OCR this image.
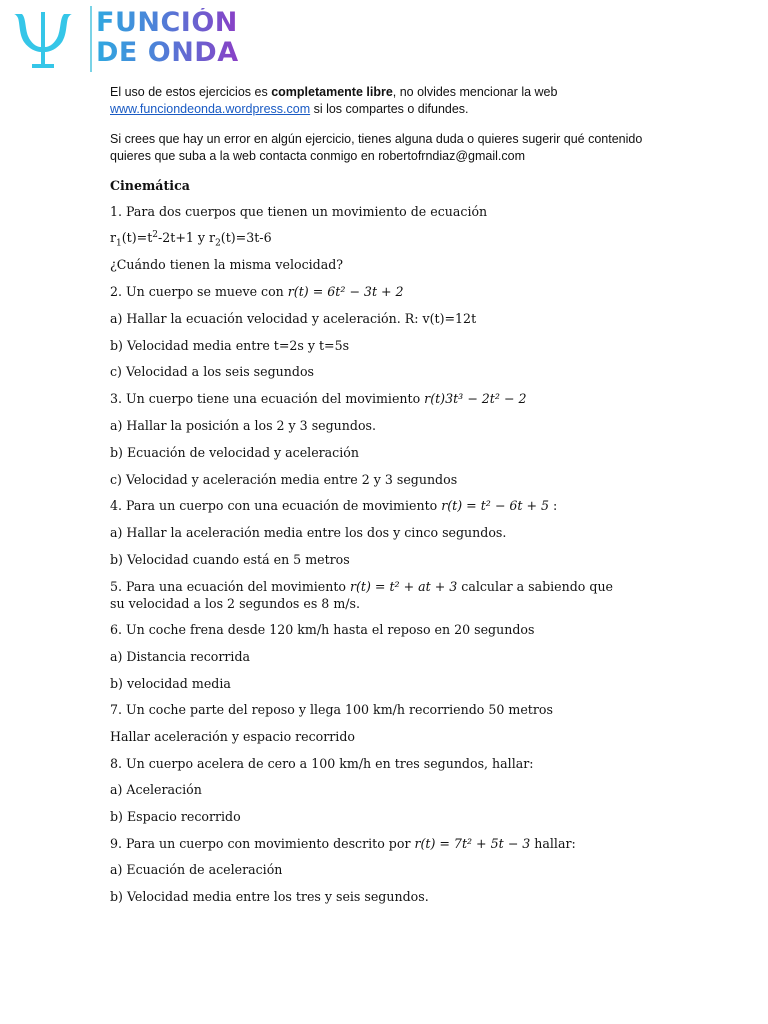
FUNCIÓN
DE ONDA

El uso de estos ejercicios es completamente libre, no olvides mencionar la web
www.funciondeonda.wordpress.com si los compartes o difundes.

Si crees que hay un error en algún ejercicio, tienes alguna duda o quieres sugerir qué contenido quieres que suba a la web contacta conmigo en robertofrndiaz@gmail.com

Cinemática
1. Para dos cuerpos que tienen un movimiento de ecuación
$r_1(t)=t^2-2t+1$ y $r_2(t)=3t-6$
¿Cuándo tienen la misma velocidad?
2. Un cuerpo se mueve con r(t) = 6t² − 3t + 2
a) Hallar la ecuación velocidad y aceleración. R: v(t)=12t
b) Velocidad media entre t=2s y t=5s
c) Velocidad a los seis segundos
3. Un cuerpo tiene una ecuación del movimiento r(t)3t³ − 2t² − 2
a) Hallar la posición a los 2 y 3 segundos.
b) Ecuación de velocidad y aceleración
c) Velocidad y aceleración media entre 2 y 3 segundos
4. Para un cuerpo con una ecuación de movimiento r(t) = t² − 6t + 5 :
a) Hallar la aceleración media entre los dos y cinco segundos.
b) Velocidad cuando está en 5 metros
5. Para una ecuación del movimiento r(t) = t² + at + 3 calcular a sabiendo que su velocidad a los 2 segundos es 8 m/s.
6. Un coche frena desde 120 km/h hasta el reposo en 20 segundos
a) Distancia recorrida
b) velocidad media
7. Un coche parte del reposo y llega 100 km/h recorriendo 50 metros
Hallar aceleración y espacio recorrido
8. Un cuerpo acelera de cero a 100 km/h en tres segundos, hallar:
a) Aceleración
b) Espacio recorrido
9. Para un cuerpo con movimiento descrito por r(t) = 7t² + 5t − 3 hallar:
a) Ecuación de aceleración
b) Velocidad media entre los tres y seis segundos.
